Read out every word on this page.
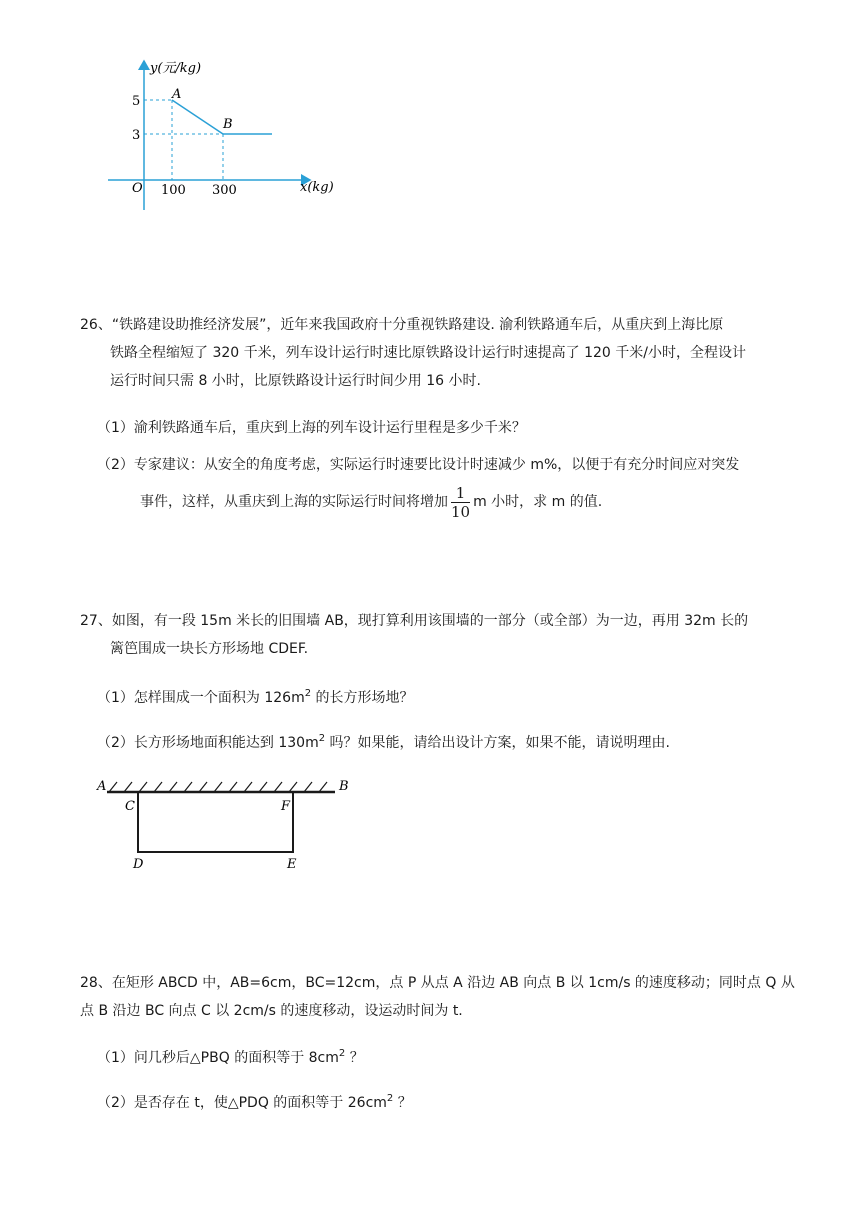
y(元/kg)
x(kg)
O
5
3
100 300
A
B
26、“铁路建设助推经济发展”，近年来我国政府十分重视铁路建设. 渝利铁路通车后，从重庆到上海比原
铁路全程缩短了 320 千米，列车设计运行时速比原铁路设计运行时速提高了 120 千米/小时，全程设计
运行时间只需 8 小时，比原铁路设计运行时间少用 16 小时.
（1）渝利铁路通车后，重庆到上海的列车设计运行里程是多少千米？
（2）专家建议：从安全的角度考虑，实际运行时速要比设计时速减少 m%，以便于有充分时间应对突发
事件，这样，从重庆到上海的实际运行时间将增加 $\frac{1}{10}$ m 小时，求 m 的值.
27、如图，有一段 15m 米长的旧围墙 AB，现打算利用该围墙的一部分（或全部）为一边，再用 32m 长的
篱笆围成一块长方形场地 CDEF.
（1）怎样围成一个面积为 $126m^2$ 的长方形场地？
（2）长方形场地面积能达到 $130m^2$ 吗？如果能，请给出设计方案，如果不能，请说明理由.
A	B
C	F
D	E
28、在矩形 ABCD 中，AB=6cm，BC=12cm，点 P 从点 A 沿边 AB 向点 B 以 1cm/s 的速度移动；同时点 Q 从
点 B 沿边 BC 向点 C 以 2cm/s 的速度移动，设运动时间为 t.
（1）问几秒后△PBQ 的面积等于 $8cm^2$ ？
（2）是否存在 t，使△PDQ 的面积等于 $26cm^2$ ？
